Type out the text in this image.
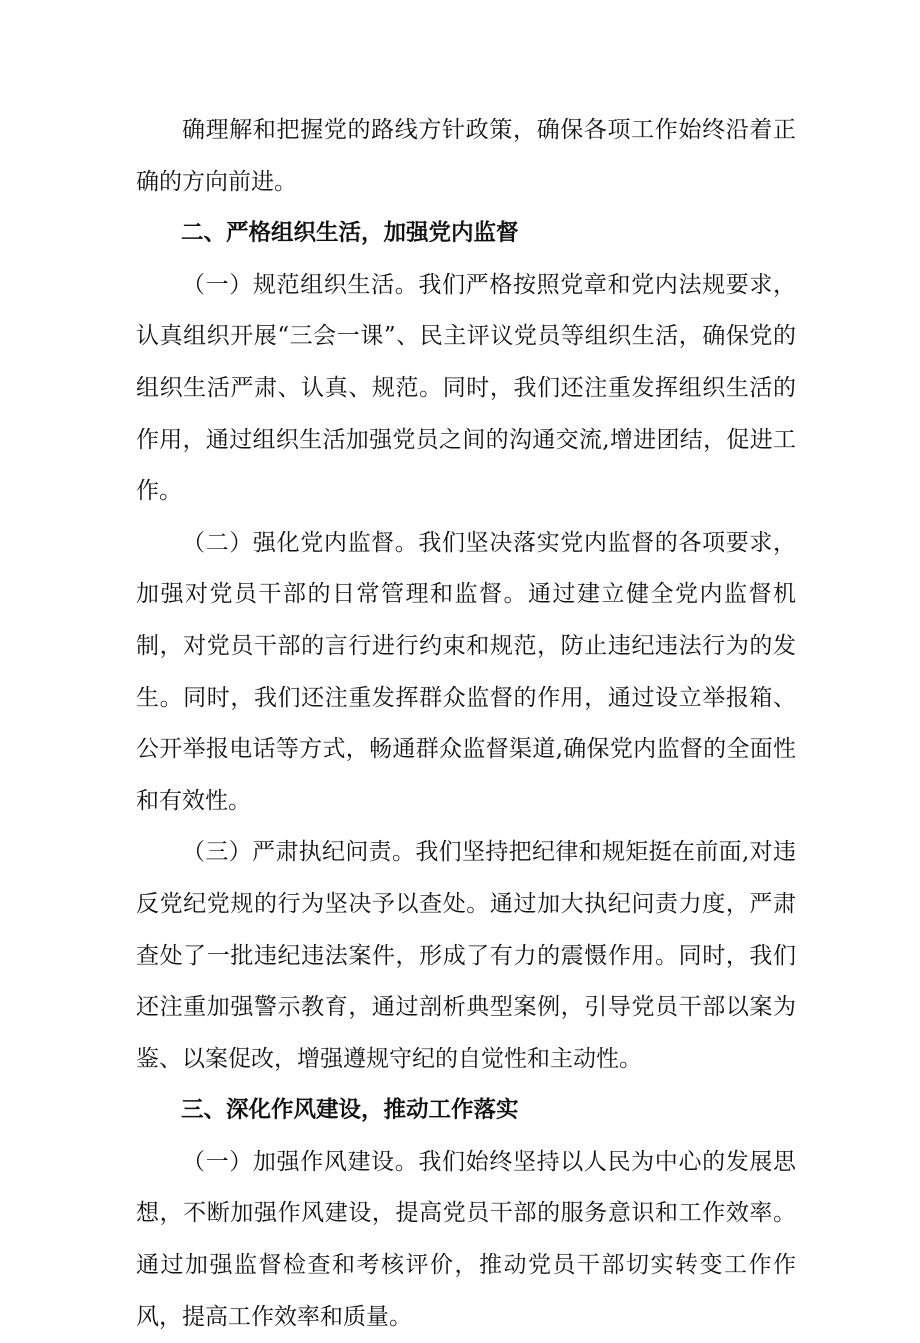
确理解和把握党的路线方针政策，确保各项工作始终沿着正确的方向前进。

二、严格组织生活，加强党内监督

（一）规范组织生活。我们严格按照党章和党内法规要求，认真组织开展“三会一课”、民主评议党员等组织生活，确保党的组织生活严肃、认真、规范。同时，我们还注重发挥组织生活的作用，通过组织生活加强党员之间的沟通交流,增进团结，促进工作。

（二）强化党内监督。我们坚决落实党内监督的各项要求，加强对党员干部的日常管理和监督。通过建立健全党内监督机制，对党员干部的言行进行约束和规范，防止违纪违法行为的发生。同时，我们还注重发挥群众监督的作用，通过设立举报箱、公开举报电话等方式，畅通群众监督渠道,确保党内监督的全面性和有效性。

（三）严肃执纪问责。我们坚持把纪律和规矩挺在前面,对违反党纪党规的行为坚决予以查处。通过加大执纪问责力度，严肃查处了一批违纪违法案件，形成了有力的震慑作用。同时，我们还注重加强警示教育，通过剖析典型案例，引导党员干部以案为鉴、以案促改，增强遵规守纪的自觉性和主动性。

三、深化作风建设，推动工作落实

（一）加强作风建设。我们始终坚持以人民为中心的发展思想，不断加强作风建设，提高党员干部的服务意识和工作效率。通过加强监督检查和考核评价，推动党员干部切实转变工作作风，提高工作效率和质量。
